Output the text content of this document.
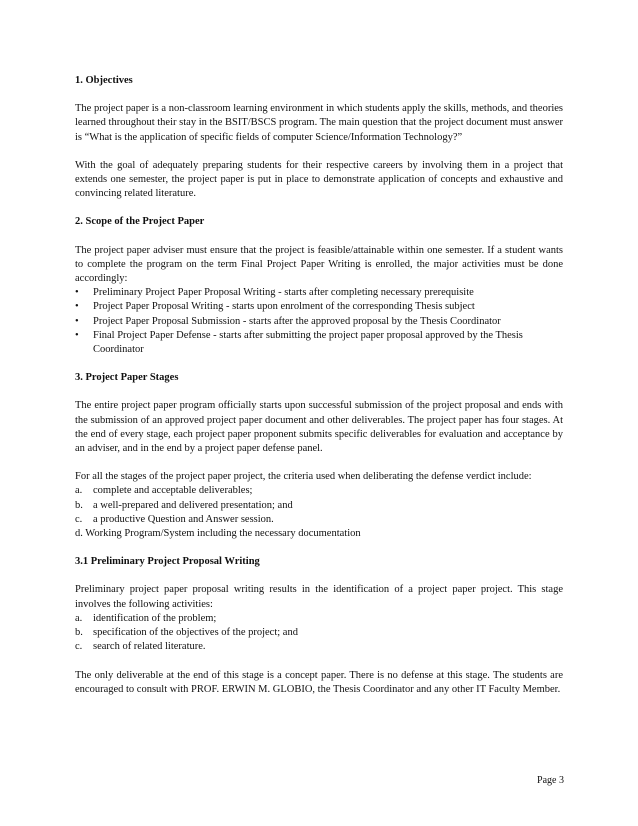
1. Objectives

The project paper is a non-classroom learning environment in which students apply the skills, methods, and theories learned throughout their stay in the BSIT/BSCS program. The main question that the project document must answer is “What is the application of specific fields of computer Science/Information Technology?”

With the goal of adequately preparing students for their respective careers by involving them in a project that extends one semester, the project paper is put in place to demonstrate application of concepts and exhaustive and convincing related literature.

2. Scope of the Project Paper

The project paper adviser must ensure that the project is feasible/attainable within one semester. If a student wants to complete the program on the term Final Project Paper Writing is enrolled, the major activities must be done accordingly:

•	Preliminary Project Paper Proposal Writing - starts after completing necessary prerequisite
•	Project Paper Proposal Writing - starts upon enrolment of the corresponding Thesis subject
•	Project Paper Proposal Submission - starts after the approved proposal by the Thesis Coordinator
•	Final Project Paper Defense - starts after submitting the project paper proposal approved by the Thesis Coordinator
3. Project Paper Stages

The entire project paper program officially starts upon successful submission of the project proposal and ends with the submission of an approved project paper document and other deliverables. The project paper has four stages. At the end of every stage, each project paper proponent submits specific deliverables for evaluation and acceptance by an adviser, and in the end by a project paper defense panel.

For all the stages of the project paper project, the criteria used when deliberating the defense verdict include:

a. complete and acceptable deliverables;
b. a well-prepared and delivered presentation; and
c. a productive Question and Answer session.
d. Working Program/System including the necessary documentation
3.1 Preliminary Project Proposal Writing

Preliminary project paper proposal writing results in the identification of a project paper project. This stage involves the following activities:

a. identification of the problem;
b. specification of the objectives of the project; and
c. search of related literature.

The only deliverable at the end of this stage is a concept paper. There is no defense at this stage. The students are encouraged to consult with PROF. ERWIN M. GLOBIO, the Thesis Coordinator and any other IT Faculty Member.

Page 3
